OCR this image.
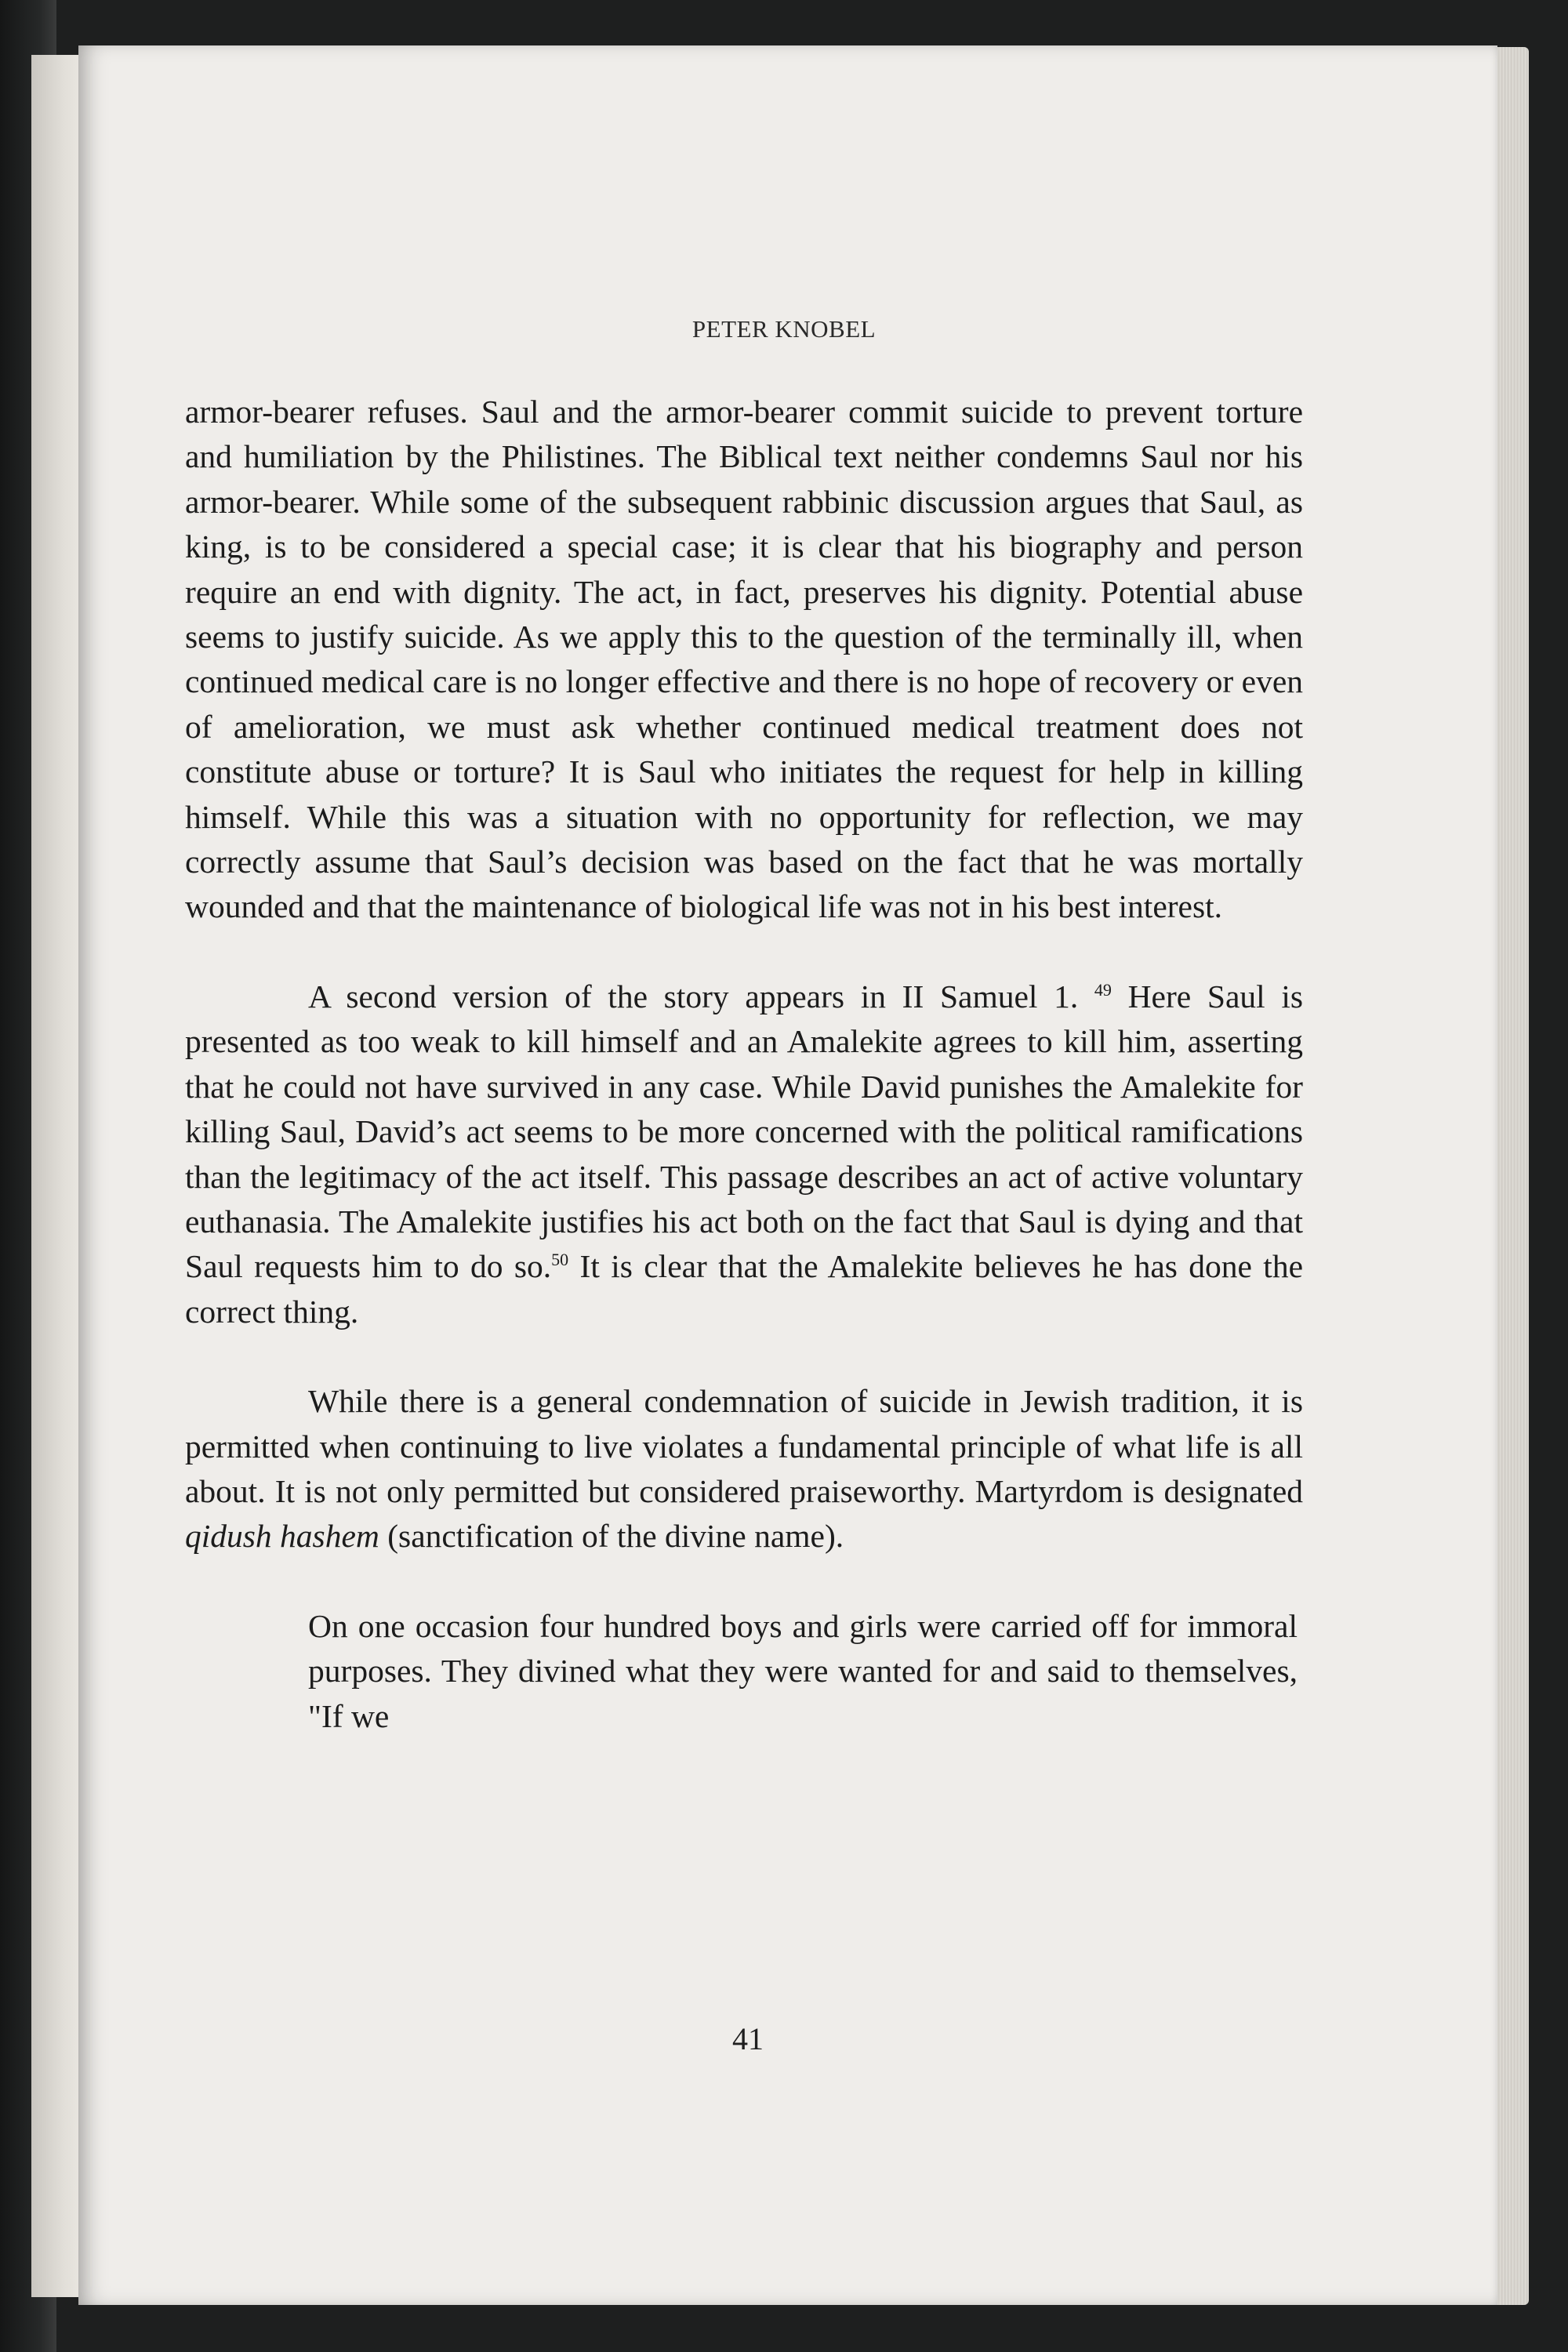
PETER KNOBEL

armor-bearer refuses. Saul and the armor-bearer commit suicide to prevent torture and humiliation by the Philistines. The Biblical text neither condemns Saul nor his armor-bearer. While some of the subsequent rabbinic discussion argues that Saul, as king, is to be considered a special case; it is clear that his biography and person require an end with dignity. The act, in fact, preserves his dignity. Potential abuse seems to justify suicide. As we apply this to the question of the terminally ill, when continued medical care is no longer effective and there is no hope of recovery or even of amelioration, we must ask whether continued medical treatment does not constitute abuse or torture? It is Saul who initiates the request for help in killing himself. While this was a situation with no opportunity for reflection, we may correctly assume that Saul’s decision was based on the fact that he was mortally wounded and that the maintenance of biological life was not in his best interest.

A second version of the story appears in II Samuel 1. $^{49}$ Here Saul is presented as too weak to kill himself and an Amalekite agrees to kill him, asserting that he could not have survived in any case. While David punishes the Amalekite for killing Saul, David’s act seems to be more concerned with the political ramifications than the legitimacy of the act itself. This passage describes an act of active voluntary euthanasia. The Amalekite justifies his act both on the fact that Saul is dying and that Saul requests him to do so.$^{50}$ It is clear that the Amalekite believes he has done the correct thing.

While there is a general condemnation of suicide in Jewish tradition, it is permitted when continuing to live violates a fundamental principle of what life is all about. It is not only permitted but considered praiseworthy. Martyrdom is designated qidush hashem (sanctification of the divine name).

On one occasion four hundred boys and girls were carried off for immoral purposes. They divined what they were wanted for and said to themselves, "If we

41
